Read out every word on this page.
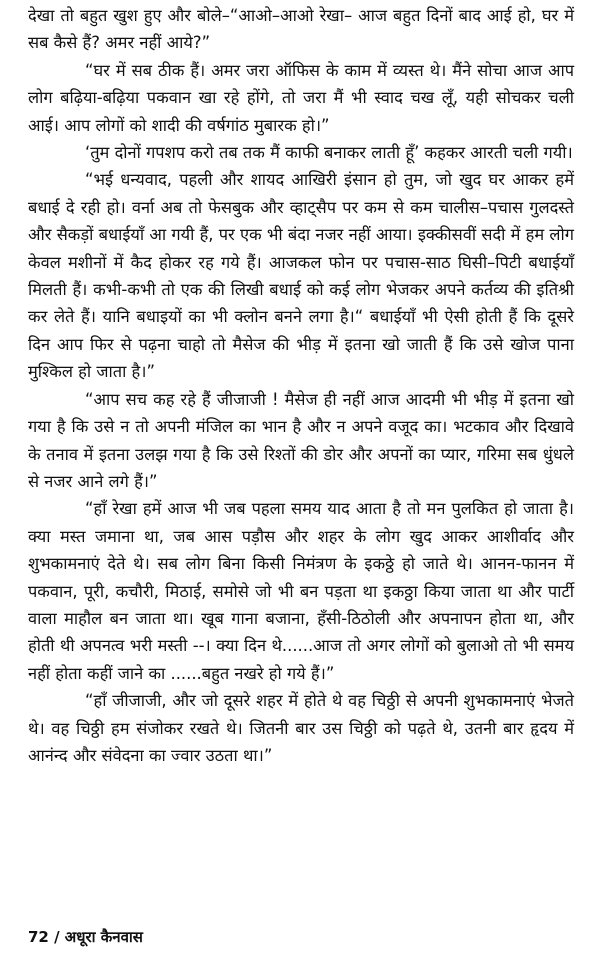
देखा तो बहुत खुश हुए और बोले–“आओ–आओ रेखा– आज बहुत दिनों बाद आई हो, घर में सब कैसे हैं? अमर नहीं आये?”

“घर में सब ठीक हैं। अमर जरा ऑफिस के काम में व्यस्त थे। मैंने सोचा आज आप लोग बढ़िया-बढ़िया पकवान खा रहे होंगे, तो जरा मैं भी स्वाद चख लूँ, यही सोचकर चली आई। आप लोगों को शादी की वर्षगांठ मुबारक हो।”

‘तुम दोनों गपशप करो तब तक मैं काफी बनाकर लाती हूँ’ कहकर आरती चली गयी।

“भई धन्यवाद, पहली और शायद आखिरी इंसान हो तुम, जो खुद घर आकर हमें बधाई दे रही हो। वर्ना अब तो फेसबुक और व्हाट्सैप पर कम से कम चालीस–पचास गुलदस्ते और सैकड़ों बधाईयाँ आ गयी हैं, पर एक भी बंदा नजर नहीं आया। इक्कीसवीं सदी में हम लोग केवल मशीनों में कैद होकर रह गये हैं। आजकल फोन पर पचास-साठ घिसी–पिटी बधाईयाँ मिलती हैं। कभी-कभी तो एक की लिखी बधाई को कई लोग भेजकर अपने कर्तव्य की इतिश्री कर लेते हैं। यानि बधाइयों का भी क्लोन बनने लगा है।“ बधाईयाँ भी ऐसी होती हैं कि दूसरे दिन आप फिर से पढ़ना चाहो तो मैसेज की भीड़ में इतना खो जाती हैं कि उसे खोज पाना मुश्किल हो जाता है।”

“आप सच कह रहे हैं जीजाजी ! मैसेज ही नहीं आज आदमी भी भीड़ में इतना खो गया है कि उसे न तो अपनी मंजिल का भान है और न अपने वजूद का। भटकाव और दिखावे के तनाव में इतना उलझ गया है कि उसे रिश्तों की डोर और अपनों का प्यार, गरिमा सब धुंधले से नजर आने लगे हैं।”

“हाँ रेखा हमें आज भी जब पहला समय याद आता है तो मन पुलकित हो जाता है।क्या मस्त जमाना था, जब आस पड़ौस और शहर के लोग खुद आकर आशीर्वाद और शुभकामनाएं देते थे। सब लोग बिना किसी निमंत्रण के इकठ्ठे हो जाते थे। आनन-फानन में पकवान, पूरी, कचौरी, मिठाई, समोसे जो भी बन पड़ता था इकठ्ठा किया जाता था और पार्टी वाला माहौल बन जाता था। खूब गाना बजाना, हँसी-ठिठोली और अपनापन होता था, और होती थी अपनत्व भरी मस्ती --। क्या दिन थे......आज तो अगर लोगों को बुलाओ तो भी समय नहीं होता कहीं जाने का ......बहुत नखरे हो गये हैं।”

“हाँ जीजाजी, और जो दूसरे शहर में होते थे वह चिठ्ठी से अपनी शुभकामनाएं भेजते थे। वह चिठ्ठी हम संजोकर रखते थे। जितनी बार उस चिठ्ठी को पढ़ते थे, उतनी बार हृदय में आनंन्द और संवेदना का ज्वार उठता था।”

72 / अधूरा कैनवास
